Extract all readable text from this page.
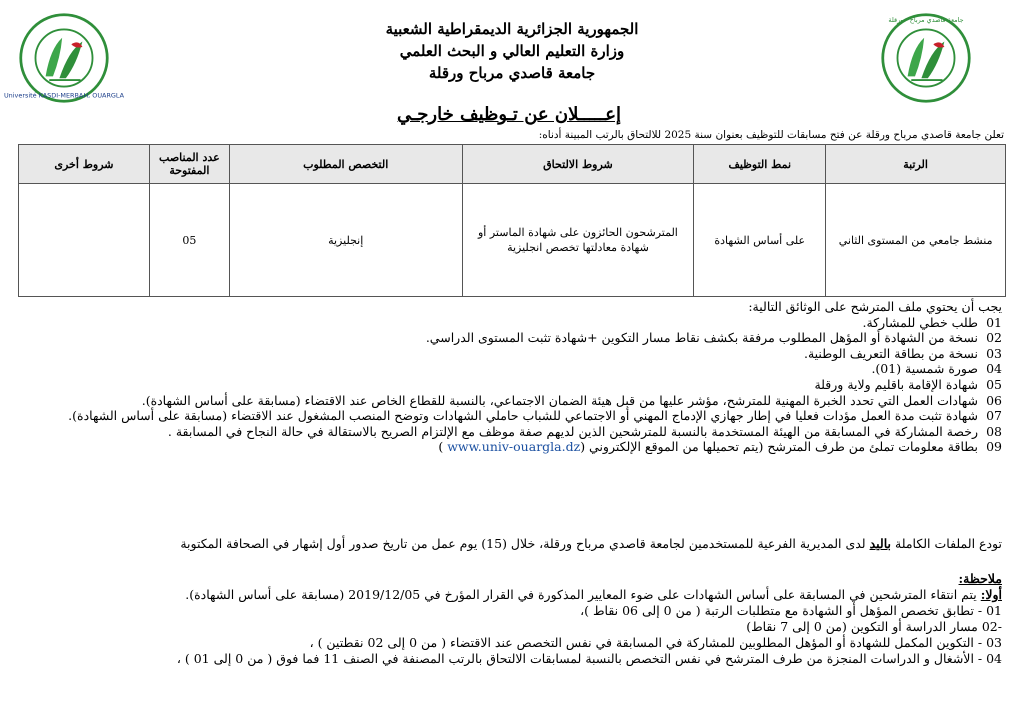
Université KASDI-MERBAH, OUARGLA
جامعة قاصدي مرباح - ورقلة
الجمهورية الجزائرية الديمقراطية الشعبية
وزارة التعليم العالي و البحث العلمي
جامعة قاصدي مرباح ورقلة
إعـــــلان عن تـوظيف خارجـي
تعلن جامعة قاصدي مرباح ورقلة عن فتح مسابقات للتوظيف بعنوان سنة 2025 للالتحاق بالرتب المبينة أدناه:
الرتبة	نمط التوظيف	شروط الالتحاق	التخصص المطلوب	عدد المناصب المفتوحة	شروط أخرى
منشط جامعي من المستوى الثاني	على أساس الشهادة	المترشحون الحائزون على شهادة الماستر أو شهادة معادلتها تخصص انجليزية	إنجليزية	05	
يجب أن يحتوي ملف المترشح على الوثائق التالية:
01 طلب خطي للمشاركة.
02 نسخة من الشهادة أو المؤهل المطلوب مرفقة بكشف نقاط مسار التكوين +شهادة تثبت المستوى الدراسي.
03 نسخة من بطاقة التعريف الوطنية.
04 صورة شمسية (01).
05 شهادة الإقامة باقليم ولاية ورقلة
06 شهادات العمل التي تحدد الخبرة المهنية للمترشح، مؤشر عليها من قبل هيئة الضمان الاجتماعي، بالنسبة للقطاع الخاص عند الاقتضاء (مسابقة على أساس الشهادة).
07 شهادة تثبت مدة العمل مؤدات فعليا في إطار جهازي الإدماج المهني أو الاجتماعي للشباب حاملي الشهادات وتوضح المنصب المشغول عند الاقتضاء (مسابقة على أساس الشهادة).
08 رخصة المشاركة في المسابقة من الهيئة المستخدمة بالنسبة للمترشحين الذين لديهم صفة موظف مع الإلتزام الصريح بالاستقالة في حالة النجاح في المسابقة .
09 بطاقة معلومات تملئ من طرف المترشح (يتم تحميلها من الموقع الإلكتروني (www.univ-ouargla.dz )
تودع الملفات الكاملة باليد لدى المديرية الفرعية للمستخدمين لجامعة قاصدي مرباح ورقلة، خلال (15) يوم عمل من تاريخ صدور أول إشهار في الصحافة المكتوبة
ملاحظة:
أولا: يتم انتقاء المترشحين في المسابقة على أساس الشهادات على ضوء المعايير المذكورة في القرار المؤرخ في 2019/12/05 (مسابقة على أساس الشهادة).
01 - تطابق تخصص المؤهل أو الشهادة مع متطلبات الرتبة ( من 0 إلى 06 نقاط )،
-02 مسار الدراسة أو التكوين (من 0 إلى 7 نقاط)
03 - التكوين المكمل للشهادة أو المؤهل المطلوبين للمشاركة في المسابقة في نفس التخصص عند الاقتضاء ( من 0 إلى 02 نقطتين ) ،
04 - الأشغال و الدراسات المنجزة من طرف المترشح في نفس التخصص بالنسبة لمسابقات الالتحاق بالرتب المصنفة في الصنف 11 فما فوق ( من 0 إلى 01 ) ،
